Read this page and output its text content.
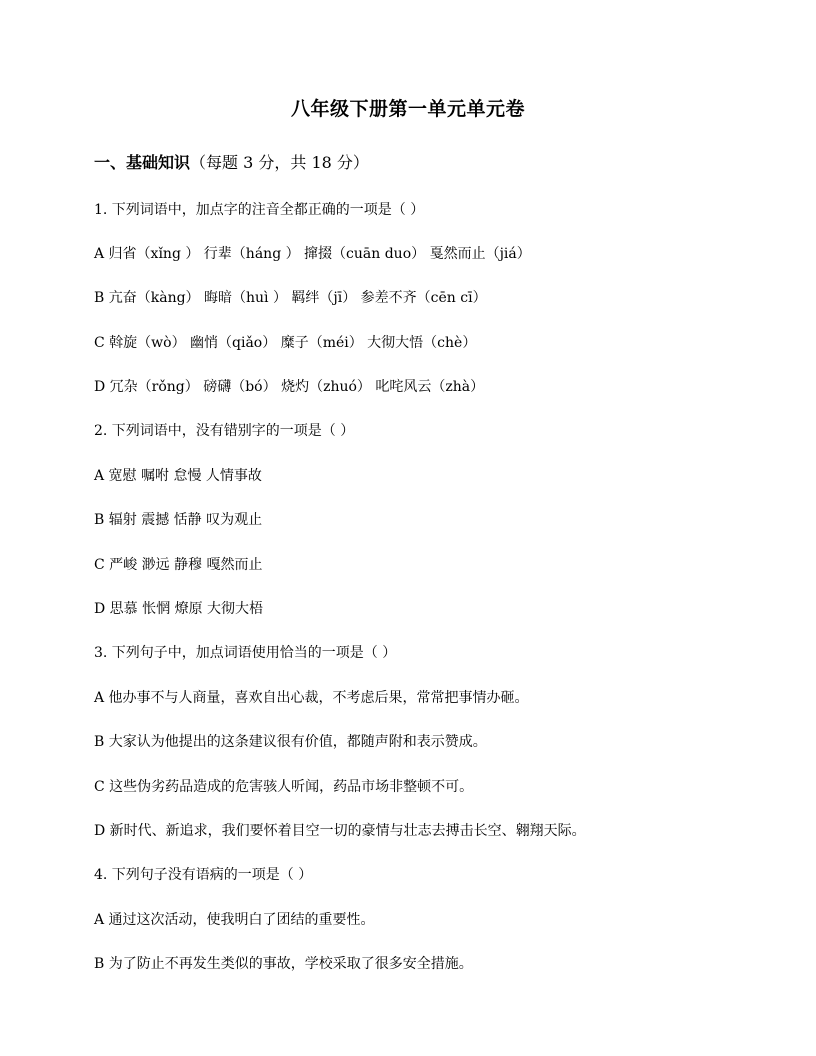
八年级下册第一单元单元卷
一、基础知识（每题 3 分，共 18 分）
1. 下列词语中，加点字的注音全都正确的一项是（ ）
A 归省（xǐng ） 行辈（háng ） 撺掇（cuān duo） 戛然而止（jiá）
B 亢奋（kàng） 晦暗（huì ） 羁绊（jī） 参差不齐（cēn cī）
C 斡旋（wò） 幽悄（qiǎo） 糜子（méi） 大彻大悟（chè）
D 冗杂（rǒng） 磅礴（bó） 烧灼（zhuó） 叱咤风云（zhà）
2. 下列词语中，没有错别字的一项是（ ）
A 宽慰 嘱咐 怠慢 人情事故
B 辐射 震撼 恬静 叹为观止
C 严峻 渺远 静穆 嘎然而止
D 思慕 怅惘 燎原 大彻大梧
3. 下列句子中，加点词语使用恰当的一项是（ ）
A 他办事不与人商量，喜欢自出心裁，不考虑后果，常常把事情办砸。
B 大家认为他提出的这条建议很有价值，都随声附和表示赞成。
C 这些伪劣药品造成的危害骇人听闻，药品市场非整顿不可。
D 新时代、新追求，我们要怀着目空一切的豪情与壮志去搏击长空、翱翔天际。
4. 下列句子没有语病的一项是（ ）
A 通过这次活动，使我明白了团结的重要性。
B 为了防止不再发生类似的事故，学校采取了很多安全措施。
